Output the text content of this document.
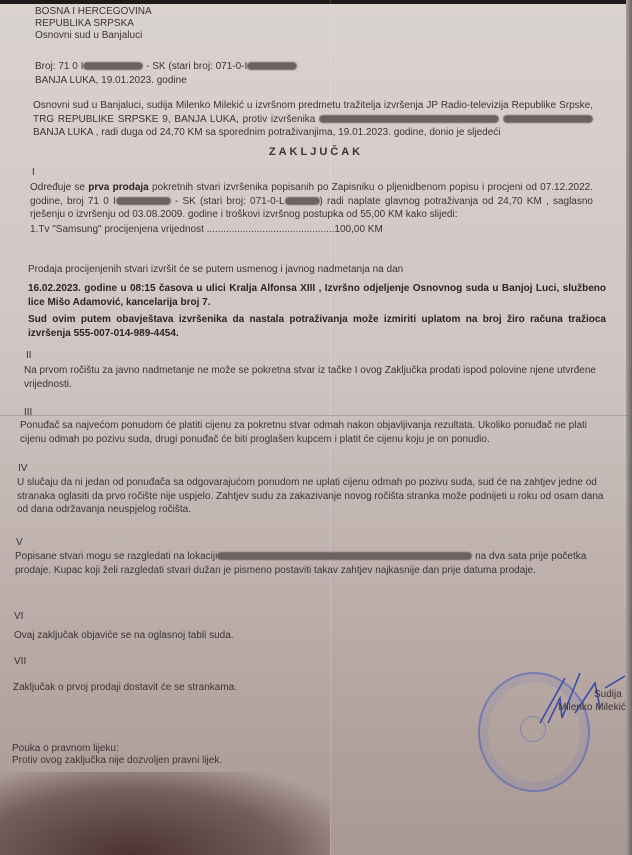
BOSNA I HERCEGOVINA
REPUBLIKA SRPSKA
Osnovni sud u Banjaluci
Broj: 71 0 I	- SK (stari broj: 071-0-I
BANJA LUKA, 19.01.2023. godine
Osnovni sud u Banjaluci, sudija Milenko Milekić u izvršnom predmetu tražitelja izvršenja JP Radio-televizija Republike Srpske, TRG REPUBLIKE SRPSKE 9, BANJA LUKA, protiv izvršenika   BANJA LUKA , radi duga od 24,70 KM sa sporednim potraživanjima, 19.01.2023. godine, donio je sljedeći
ZAKLJUČAK
I
Određuje se prva prodaja pokretnih stvari izvršenika popisanih po Zapisniku o pljenidbenom popisu i procjeni od 07.12.2022. godine, broj 71 0 I	- SK (stari broj: 071-0-L	) radi naplate glavnog potraživanja od 24,70 KM , saglasno rješenju o izvršenju od 03.08.2009. godine i troškovi izvršnog postupka od 55,00 KM kako slijedi:
1.Tv "Samsung" procijenjena vrijednost ..............................................100,00 KM
Prodaja procijenjenih stvari izvršit će se putem usmenog i javnog nadmetanja na dan
16.02.2023. godine u 08:15 časova u ulici Kralja Alfonsa XIII , Izvršno odjeljenje Osnovnog suda u Banjoj Luci, službeno lice Mišo Adamović, kancelarija broj 7.
Sud ovim putem obavještava izvršenika da nastala potraživanja može izmiriti uplatom na broj žiro računa tražioca izvršenja 555-007-014-989-4454.
II
Na prvom ročištu za javno nadmetanje ne može se pokretna stvar iz tačke I ovog Zaključka prodati ispod polovine njene utvrđene vrijednosti.
III
Ponuđač sa najvećom ponudom će platiti cijenu za pokretnu stvar odmah nakon objavljivanja rezultata. Ukoliko ponuđač ne plati cijenu odmah po pozivu suda, drugi ponuđač će biti proglašen kupcem i platit će cijenu koju je on ponudio.
IV
U slučaju da ni jedan od ponuđača sa odgovarajućom ponudom ne uplati cijenu odmah po pozivu suda, sud će na zahtjev jedne od stranaka oglasiti da prvo ročište nije uspjelo. Zahtjev sudu za zakazivanje novog ročišta stranka može podnijeti u roku od osam dana od dana održavanja neuspjelog ročišta.
V
Popisane stvari mogu se razgledati na lokaciji	na dva sata prije početka prodaje. Kupac koji želi razgledati stvari dužan je pismeno postaviti takav zahtjev najkasnije dan prije datuma prodaje.
VI
Ovaj zaključak objaviće se na oglasnoj tabli suda.
VII
Zaključak o prvoj prodaji dostavit će se strankama.
Sudija
Milenko Milekić
Pouka o pravnom lijeku:
Protiv ovog zaključka nije dozvoljen pravni lijek.
